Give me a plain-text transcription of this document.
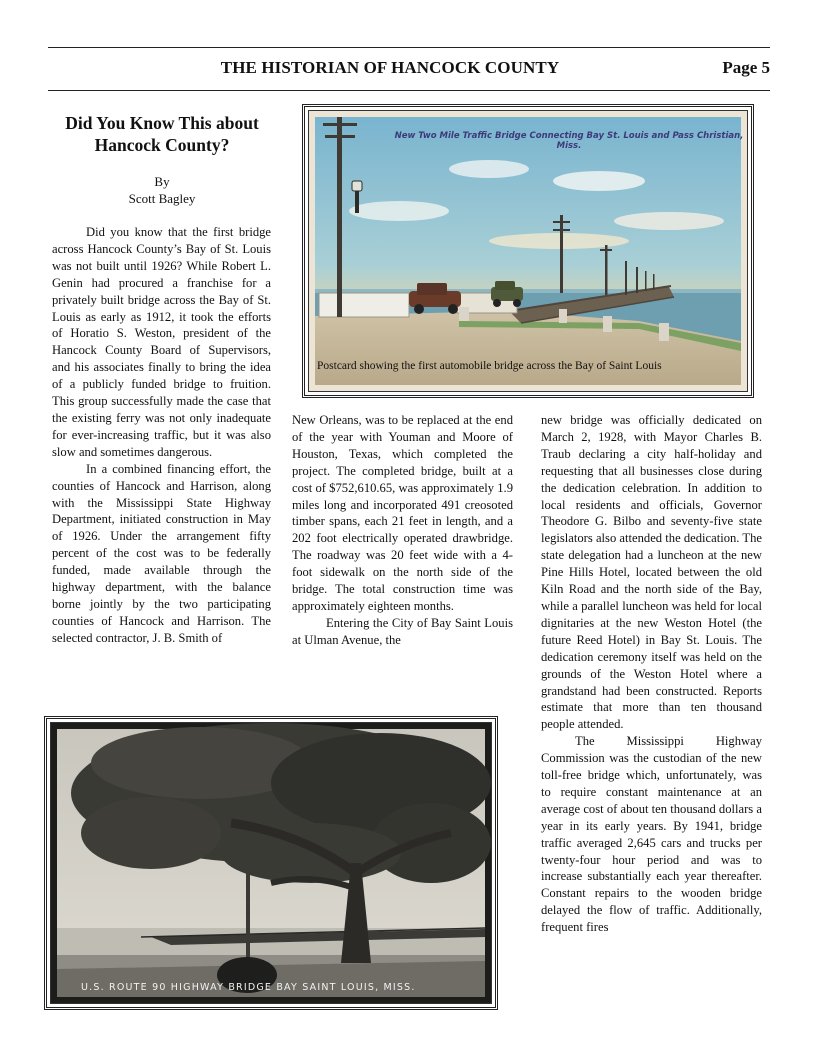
THE HISTORIAN OF HANCOCK COUNTY	Page 5
Did You Know This about
Hancock County?
By
Scott Bagley

Did you know that the first bridge across Hancock County’s Bay of St. Louis was not built until 1926? While Robert L. Genin had procured a franchise for a privately built bridge across the Bay of St. Louis as early as 1912, it took the efforts of Horatio S. Weston, president of the Hancock County Board of Supervisors, and his associates finally to bring the idea of a publicly funded bridge to fruition. This group successfully made the case that the existing ferry was not only inadequate for ever-increasing traffic, but it was also slow and sometimes dangerous.

In a combined financing effort, the counties of Hancock and Harrison, along with the Mississippi State Highway Department, initiated construction in May of 1926. Under the arrangement fifty percent of the cost was to be federally funded, made available through the highway department, with the balance borne jointly by the two participating counties of Hancock and Harrison. The selected contractor, J. B. Smith of

New Orleans, was to be replaced at the end of the year with Youman and Moore of Houston, Texas, which completed the project. The completed bridge, built at a cost of $752,610.65, was approximately 1.9 miles long and incorporated 491 creosoted timber spans, each 21 feet in length, and a 202 foot electrically operated drawbridge. The roadway was 20 feet wide with a 4-foot sidewalk on the north side of the bridge. The total construction time was approximately eighteen months.

Entering the City of Bay Saint Louis at Ulman Avenue, the

new bridge was officially dedicated on March 2, 1928, with Mayor Charles B. Traub declaring a city half-holiday and requesting that all businesses close during the dedication celebration. In addition to local residents and officials, Governor Theodore G. Bilbo and seventy-five state legislators also attended the dedication. The state delegation had a luncheon at the new Pine Hills Hotel, located between the old Kiln Road and the north side of the Bay, while a parallel luncheon was held for local dignitaries at the new Weston Hotel (the future Reed Hotel) in Bay St. Louis. The dedication ceremony itself was held on the grounds of the Weston Hotel where a grandstand had been constructed. Reports estimate that more than ten thousand people attended.

The Mississippi Highway Commission was the custodian of the new toll-free bridge which, unfortunately, was to require constant maintenance at an average cost of about ten thousand dollars a year in its early years. By 1941, bridge traffic averaged 2,645 cars and trucks per twenty-four hour period and was to increase substantially each year thereafter. Constant repairs to the wooden bridge delayed the flow of traffic. Additionally, frequent fires

New Two Mile Traffic Bridge Connecting Bay St. Louis and Pass Christian, Miss.
Postcard showing the first automobile bridge across the Bay of Saint Louis
U.S. ROUTE 90 HIGHWAY BRIDGE BAY SAINT LOUIS, MISS.
